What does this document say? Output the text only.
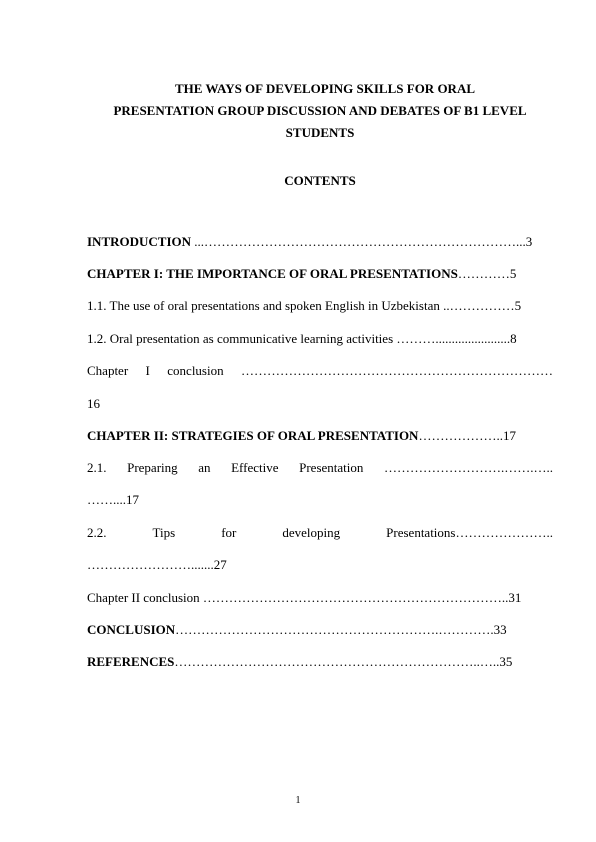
THE WAYS OF DEVELOPING SKILLS FOR ORAL
PRESENTATION GROUP DISCUSSION AND DEBATES OF B1 LEVEL
STUDENTS
CONTENTS
INTRODUCTION ...………………………………………………………………...3
CHAPTER I: THE IMPORTANCE OF ORAL PRESENTATIONS…………5
1.1. The use of oral presentations and spoken English in Uzbekistan ..……………5
1.2. Oral presentation as communicative learning activities ……….......................8
Chapter I conclusion ………………………………………………………………
16
CHAPTER II: STRATEGIES OF ORAL PRESENTATION………………..17
2.1. Preparing an Effective Presentation ……………………….…….…..
……....17
2.2.	Tips	for	developing	Presentations…………………..
…………………….......27
Chapter II conclusion ……………………………………………………………..31
CONCLUSION…………………………………………………….………….33
REFERENCES……………………………………………………………..…..35
1
